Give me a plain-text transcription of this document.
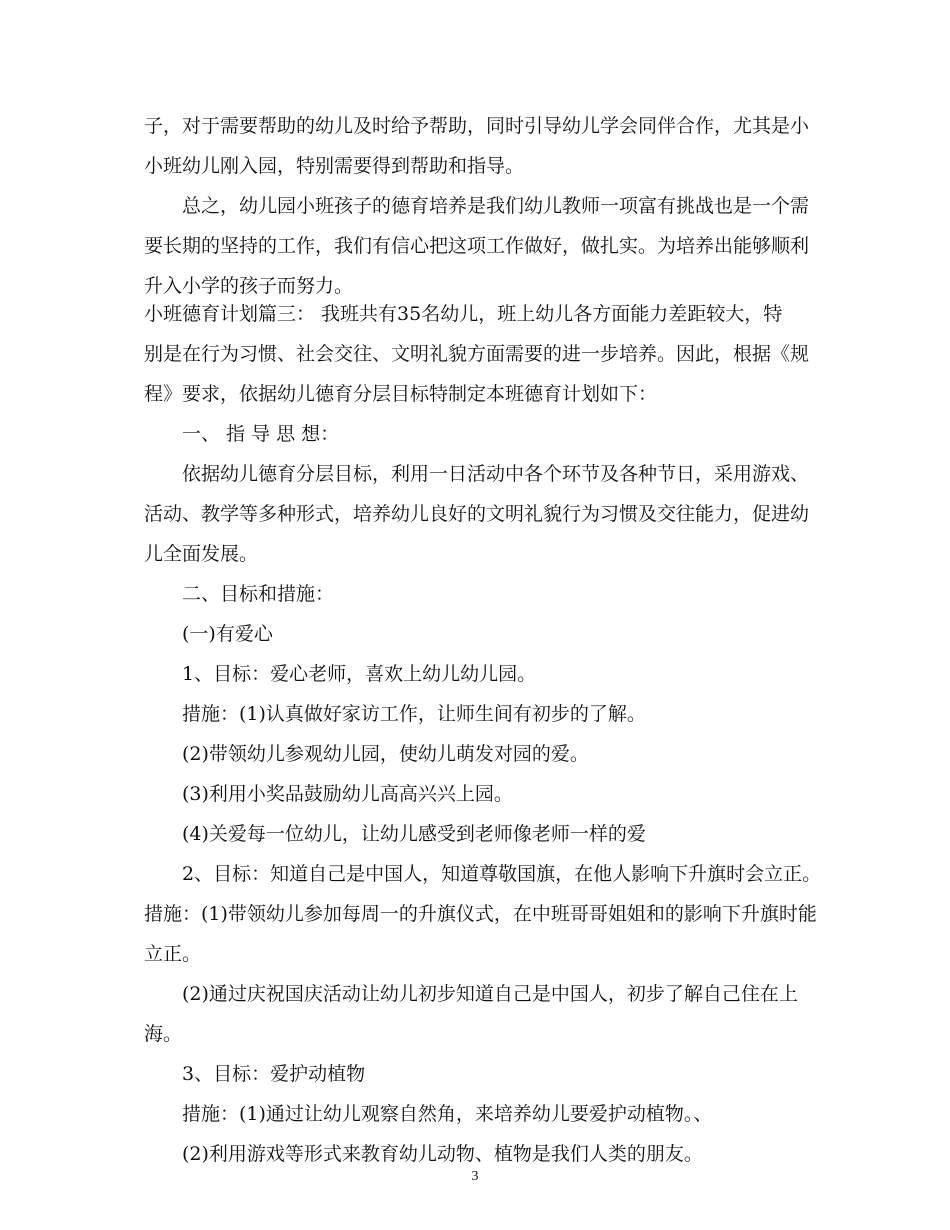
子，对于需要帮助的幼儿及时给予帮助，同时引导幼儿学会同伴合作，尤其是小
小班幼儿刚入园，特别需要得到帮助和指导。
总之，幼儿园小班孩子的德育培养是我们幼儿教师一项富有挑战也是一个需
要长期的坚持的工作，我们有信心把这项工作做好，做扎实。为培养出能够顺利
升入小学的孩子而努力。
小班德育计划篇三： 我班共有35名幼儿，班上幼儿各方面能力差距较大，特
别是在行为习惯、社会交往、文明礼貌方面需要的进一步培养。因此，根据《规
程》要求，依据幼儿德育分层目标特制定本班德育计划如下：
一、 指 导 思 想：
依据幼儿德育分层目标，利用一日活动中各个环节及各种节日，采用游戏、
活动、教学等多种形式，培养幼儿良好的文明礼貌行为习惯及交往能力，促进幼
儿全面发展。
二、目标和措施：
(一)有爱心
1、目标：爱心老师，喜欢上幼儿幼儿园。
措施：(1)认真做好家访工作，让师生间有初步的了解。
(2)带领幼儿参观幼儿园，使幼儿萌发对园的爱。
(3)利用小奖品鼓励幼儿高高兴兴上园。
(4)关爱每一位幼儿，让幼儿感受到老师像老师一样的爱
2、目标：知道自己是中国人，知道尊敬国旗，在他人影响下升旗时会立正。
措施：(1)带领幼儿参加每周一的升旗仪式，在中班哥哥姐姐和的影响下升旗时能
立正。
(2)通过庆祝国庆活动让幼儿初步知道自己是中国人，初步了解自己住在上
海。
3、目标：爱护动植物
措施：(1)通过让幼儿观察自然角，来培养幼儿要爱护动植物。、
(2)利用游戏等形式来教育幼儿动物、植物是我们人类的朋友。
3
